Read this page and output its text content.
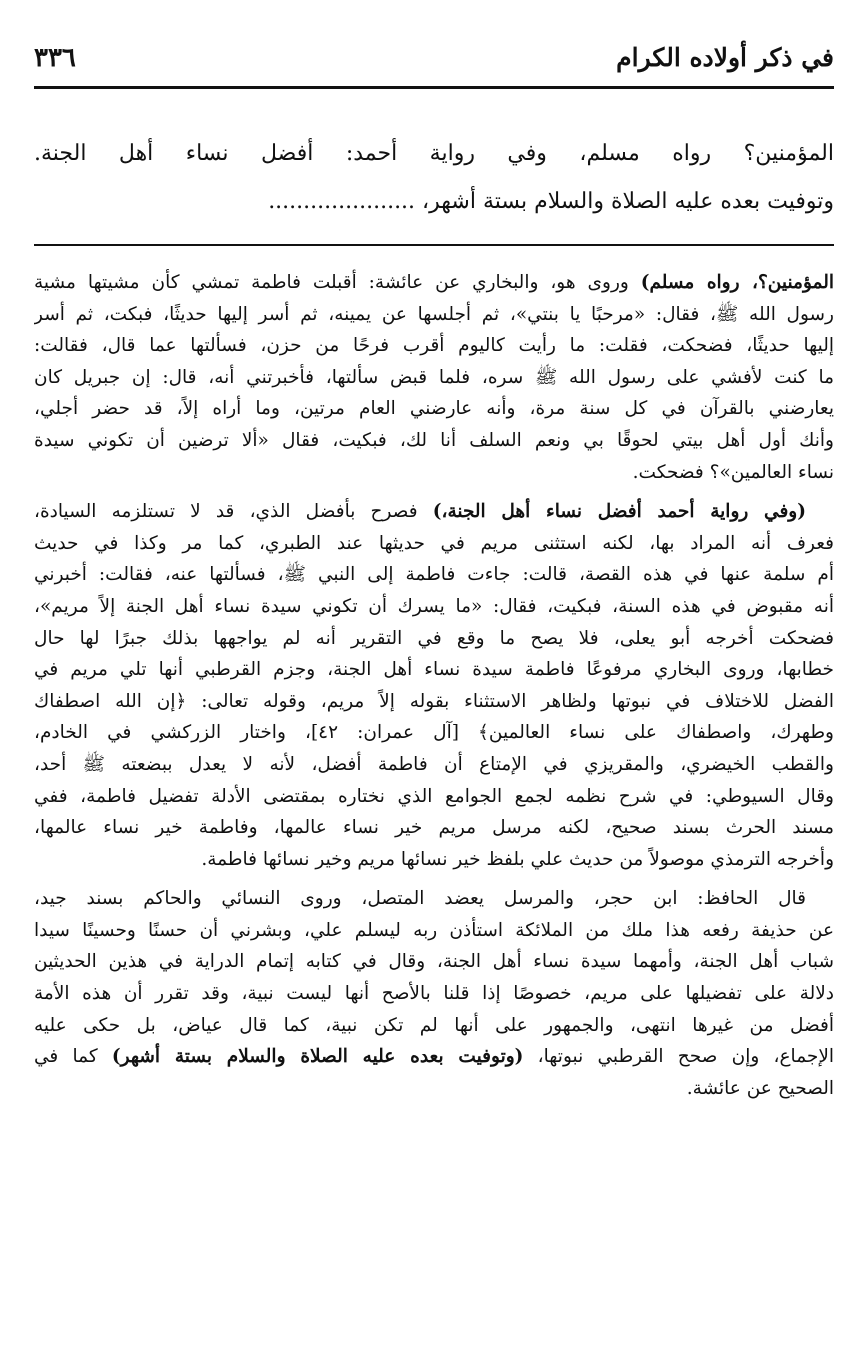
في ذكر أولاده الكرام
٣٣٦
المؤمنين؟ رواه مسلم، وفي رواية أحمد: أفضل نساء أهل الجنة.
وتوفيت بعده عليه الصلاة والسلام بستة أشهر، .....................
المؤمنين؟، رواه مسلم) وروى هو، والبخاري عن عائشة: أقبلت فاطمة تمشي كأن مشيتها مشية
رسول الله ﷺ، فقال: «مرحبًا يا بنتي»، ثم أجلسها عن يمينه، ثم أسر إليها حديثًا، فبكت، ثم أسر
إليها حديثًا، فضحكت، فقلت: ما رأيت كاليوم أقرب فرحًا من حزن، فسألتها عما قال، فقالت:
ما كنت لأفشي على رسول الله ﷺ سره، فلما قبض سألتها، فأخبرتني أنه، قال: إن جبريل كان
يعارضني بالقرآن في كل سنة مرة، وأنه عارضني العام مرتين، وما أراه إلاً، قد حضر أجلي،
وأنك أول أهل بيتي لحوقًا بي ونعم السلف أنا لك، فبكيت، فقال «ألا ترضين أن تكوني سيدة
نساء العالمين»؟ فضحكت.
(وفي رواية أحمد أفضل نساء أهل الجنة،) فصرح بأفضل الذي، قد لا تستلزمه السيادة،
فعرف أنه المراد بها، لكنه استثنى مريم في حديثها عند الطبري، كما مر وكذا في حديث
أم سلمة عنها في هذه القصة، قالت: جاءت فاطمة إلى النبي ﷺ، فسألتها عنه، فقالت: أخبرني
أنه مقبوض في هذه السنة، فبكيت، فقال: «ما يسرك أن تكوني سيدة نساء أهل الجنة إلاً مريم»،
فضحكت أخرجه أبو يعلى، فلا يصح ما وقع في التقرير أنه لم يواجهها بذلك جبرًا لها حال
خطابها، وروى البخاري مرفوعًا فاطمة سيدة نساء أهل الجنة، وجزم القرطبي أنها تلي مريم في
الفضل للاختلاف في نبوتها ولظاهر الاستثناء بقوله إلاً مريم، وقوله تعالى: ﴿إن الله اصطفاك
وطهرك، واصطفاك على نساء العالمين﴾ [آل عمران: ٤٢]، واختار الزركشي في الخادم،
والقطب الخيضري، والمقريزي في الإمتاع أن فاطمة أفضل، لأنه لا يعدل ببضعته ﷺ أحد،
وقال السيوطي: في شرح نظمه لجمع الجوامع الذي نختاره بمقتضى الأدلة تفضيل فاطمة، ففي
مسند الحرث بسند صحيح، لكنه مرسل مريم خير نساء عالمها، وفاطمة خير نساء عالمها،
وأخرجه الترمذي موصولاً من حديث علي بلفظ خير نسائها مريم وخير نسائها فاطمة.
قال الحافظ: ابن حجر، والمرسل يعضد المتصل، وروى النسائي والحاكم بسند جيد،
عن حذيفة رفعه هذا ملك من الملائكة استأذن ربه ليسلم علي، وبشرني أن حسنًا وحسينًا سيدا
شباب أهل الجنة، وأمهما سيدة نساء أهل الجنة، وقال في كتابه إتمام الدراية في هذين الحديثين
دلالة على تفضيلها على مريم، خصوصًا إذا قلنا بالأصح أنها ليست نبية، وقد تقرر أن هذه الأمة
أفضل من غيرها انتهى، والجمهور على أنها لم تكن نبية، كما قال عياض، بل حكى عليه
الإجماع، وإن صحح القرطبي نبوتها، (وتوفيت بعده عليه الصلاة والسلام بستة أشهر) كما في
الصحيح عن عائشة.
